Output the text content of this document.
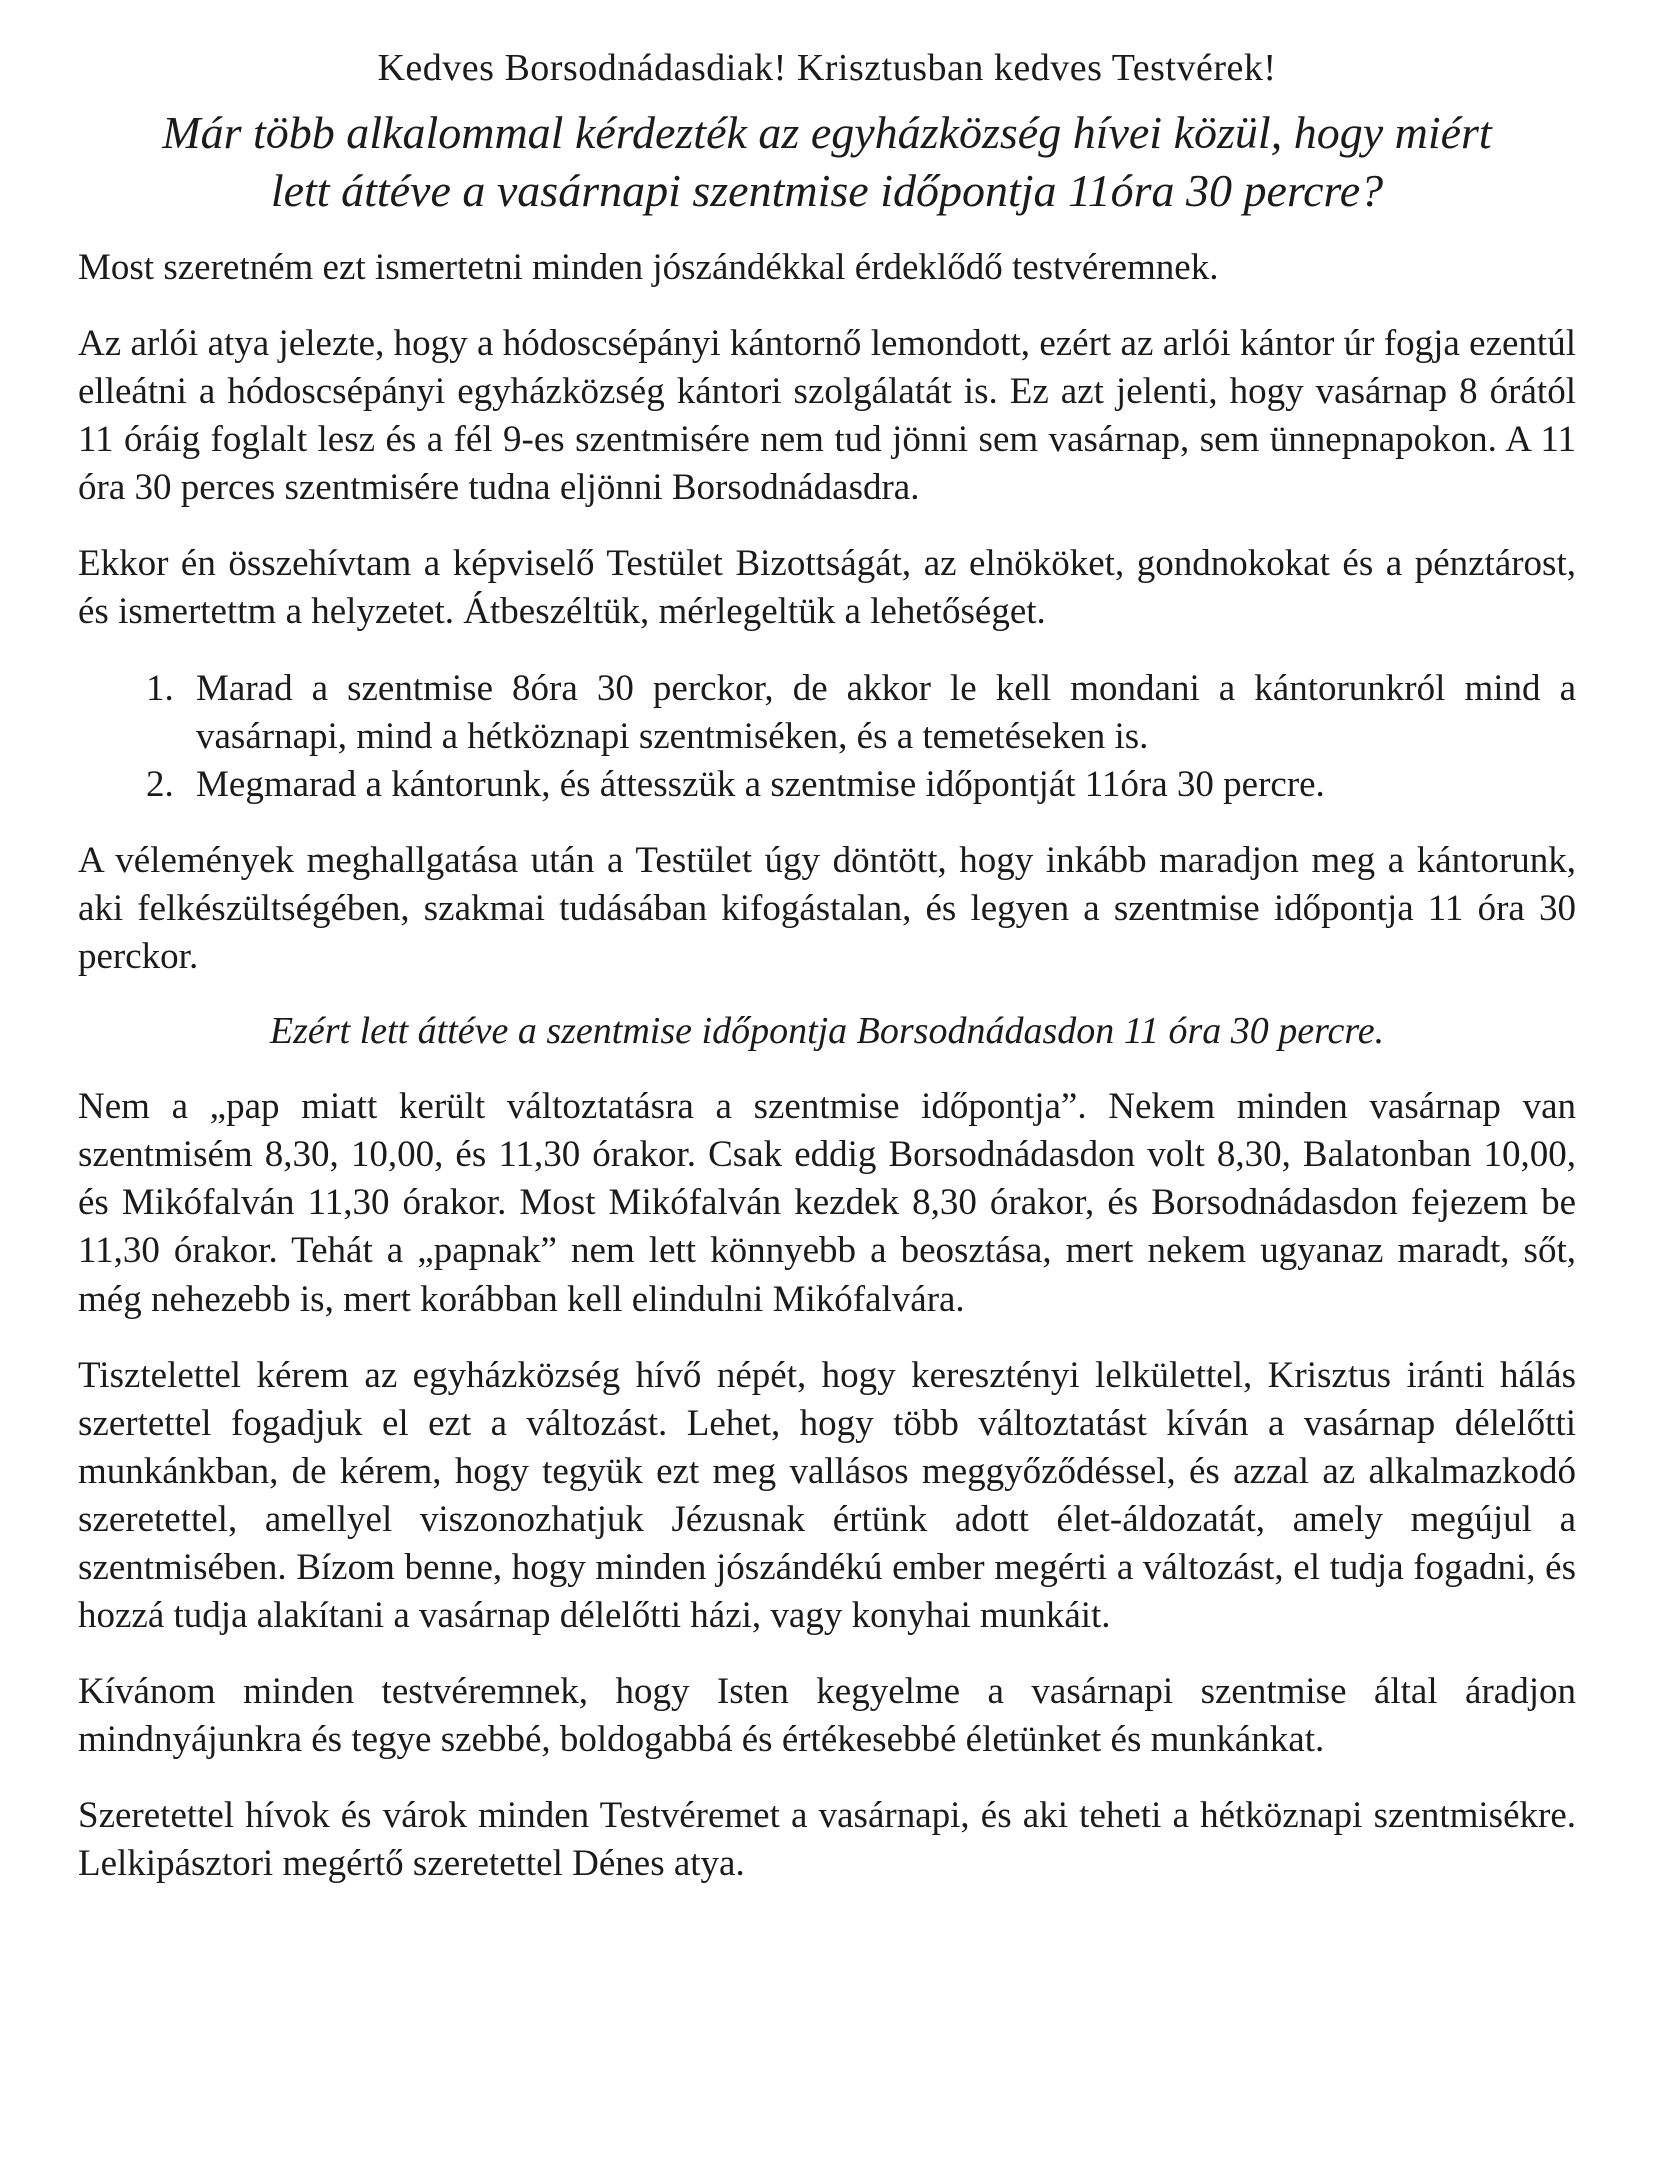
Kedves Borsodnádasdiak! Krisztusban kedves Testvérek!
Már több alkalommal kérdezték az egyházközség hívei közül, hogy miért
lett áttéve a vasárnapi szentmise időpontja 11óra 30 percre?

Most szeretném ezt ismertetni minden jószándékkal érdeklődő testvéremnek.

Az arlói atya jelezte, hogy a hódoscsépányi kántornő lemondott, ezért az arlói kántor úr fogja ezentúl elleátni a hódoscsépányi egyházközség kántori szolgálatát is. Ez azt jelenti, hogy vasárnap 8 órától 11 óráig foglalt lesz és a fél 9-es szentmisére nem tud jönni sem vasárnap, sem ünnepnapokon. A 11 óra 30 perces szentmisére tudna eljönni Borsodnádasdra.

Ekkor én összehívtam a képviselő Testület Bizottságát, az elnököket, gondnokokat és a pénztárost, és ismertettm a helyzetet. Átbeszéltük, mérlegeltük a lehetőséget.

1. Marad a szentmise 8óra 30 perckor, de akkor le kell mondani a kántorunkról mind a vasárnapi, mind a hétköznapi szentmiséken, és a temetéseken is.
2. Megmarad a kántorunk, és áttesszük a szentmise időpontját 11óra 30 percre.

A vélemények meghallgatása után a Testület úgy döntött, hogy inkább maradjon meg a kántorunk, aki felkészültségében, szakmai tudásában kifogástalan, és legyen a szentmise időpontja 11 óra 30 perckor.

Ezért lett áttéve a szentmise időpontja Borsodnádasdon 11 óra 30 percre.

Nem a „pap miatt került változtatásra a szentmise időpontja”. Nekem minden vasárnap van szentmisém 8,30, 10,00, és 11,30 órakor. Csak eddig Borsodnádasdon volt 8,30, Balatonban 10,00, és Mikófalván 11,30 órakor. Most Mikófalván kezdek 8,30 órakor, és Borsodnádasdon fejezem be 11,30 órakor. Tehát a „papnak” nem lett könnyebb a beosztása, mert nekem ugyanaz maradt, sőt, még nehezebb is, mert korábban kell elindulni Mikófalvára.

Tisztelettel kérem az egyházközség hívő népét, hogy keresztényi lelkülettel, Krisztus iránti hálás szertettel fogadjuk el ezt a változást. Lehet, hogy több változtatást kíván a vasárnap délelőtti munkánkban, de kérem, hogy tegyük ezt meg vallásos meggyőződéssel, és azzal az alkalmazkodó szeretettel, amellyel viszonozhatjuk Jézusnak értünk adott élet-áldozatát, amely megújul a szentmisében. Bízom benne, hogy minden jószándékú ember megérti a változást, el tudja fogadni, és hozzá tudja alakítani a vasárnap délelőtti házi, vagy konyhai munkáit.

Kívánom minden testvéremnek, hogy Isten kegyelme a vasárnapi szentmise által áradjon mindnyájunkra és tegye szebbé, boldogabbá és értékesebbé életünket és munkánkat.

Szeretettel hívok és várok minden Testvéremet a vasárnapi, és aki teheti a hétköznapi szentmisékre. Lelkipásztori megértő szeretettel Dénes atya.
